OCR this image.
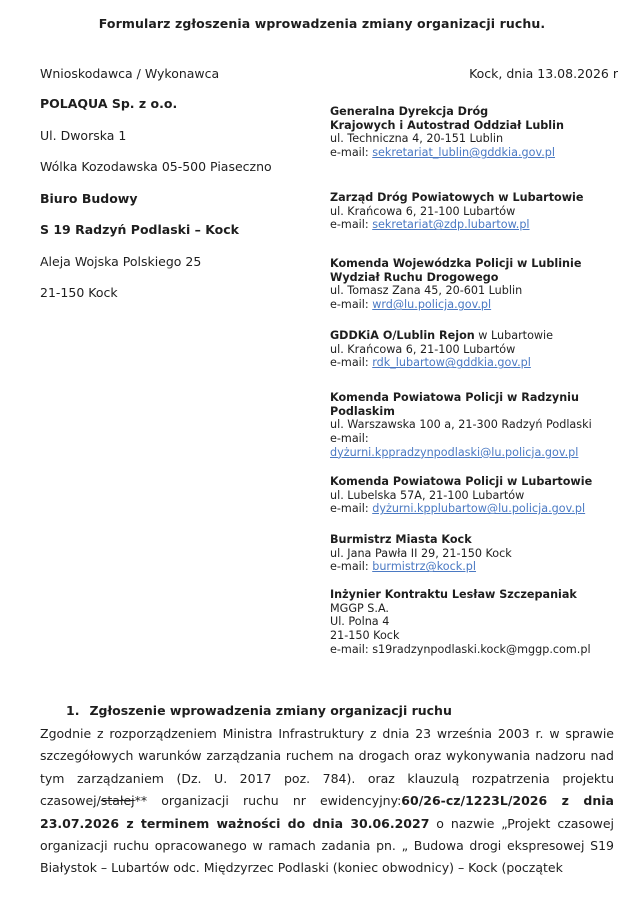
Formularz zgłoszenia wprowadzenia zmiany organizacji ruchu.
Wnioskodawca / Wykonawca	Kock, dnia 13.08.2026 r
POLAQUA Sp. z o.o.
Ul. Dworska 1
Wólka Kozodawska 05-500 Piaseczno
Biuro Budowy
S 19 Radzyń Podlaski – Kock
Aleja Wojska Polskiego 25
21-150 Kock
Generalna Dyrekcja Dróg
Krajowych i Autostrad Oddział Lublin
ul. Techniczna 4, 20-151 Lublin
e-mail: sekretariat_lublin@gddkia.gov.pl
Zarząd Dróg Powiatowych w Lubartowie
ul. Krańcowa 6, 21-100 Lubartów
e-mail: sekretariat@zdp.lubartow.pl
Komenda Wojewódzka Policji w Lublinie
Wydział Ruchu Drogowego
ul. Tomasz Zana 45, 20-601 Lublin
e-mail: wrd@lu.policja.gov.pl
GDDKiA O/Lublin Rejon w Lubartowie
ul. Krańcowa 6, 21-100 Lubartów
e-mail: rdk_lubartow@gddkia.gov.pl
Komenda Powiatowa Policji w Radzyniu
Podlaskim
ul. Warszawska 100 a, 21-300 Radzyń Podlaski
e-mail:
dyżurni.kppradzynpodlaski@lu.policja.gov.pl
Komenda Powiatowa Policji w Lubartowie
ul. Lubelska 57A, 21-100 Lubartów
e-mail: dyżurni.kpplubartow@lu.policja.gov.pl
Burmistrz Miasta Kock
ul. Jana Pawła II 29, 21-150 Kock
e-mail: burmistrz@kock.pl
Inżynier Kontraktu Lesław Szczepaniak
MGGP S.A.
Ul. Polna 4
21-150 Kock
e-mail: s19radzynpodlaski.kock@mggp.com.pl
1. Zgłoszenie wprowadzenia zmiany organizacji ruchu
Zgodnie z rozporządzeniem Ministra Infrastruktury z dnia 23 września 2003 r. w sprawie szczegółowych warunków zarządzania ruchem na drogach oraz wykonywania nadzoru nad tym zarządzaniem (Dz. U. 2017 poz. 784). oraz klauzulą rozpatrzenia projektu czasowej/stałej** organizacji ruchu nr ewidencyjny:60/26-cz/1223L/2026 z dnia 23.07.2026 z terminem ważności do dnia 30.06.2027 o nazwie „Projekt czasowej organizacji ruchu opracowanego w ramach zadania pn. „ Budowa drogi ekspresowej S19 Białystok – Lubartów odc. Międzyrzec Podlaski (koniec obwodnicy) – Kock (początek
